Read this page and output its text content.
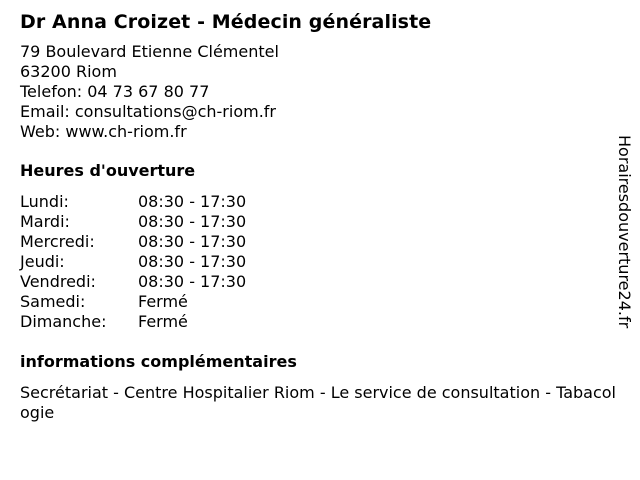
Dr Anna Croizet - Médecin généraliste
79 Boulevard Etienne Clémentel
63200 Riom
Telefon: 04 73 67 80 77
Email: consultations@ch-riom.fr
Web: www.ch-riom.fr
Heures d'ouverture
Lundi:	08:30 - 17:30
Mardi:	08:30 - 17:30
Mercredi:	08:30 - 17:30
Jeudi:	08:30 - 17:30
Vendredi:	08:30 - 17:30
Samedi:	Fermé
Dimanche:	Fermé
informations complémentaires
Secrétariat - Centre Hospitalier Riom - Le service de consultation - Tabacologie
Horairesdouverture24.fr
